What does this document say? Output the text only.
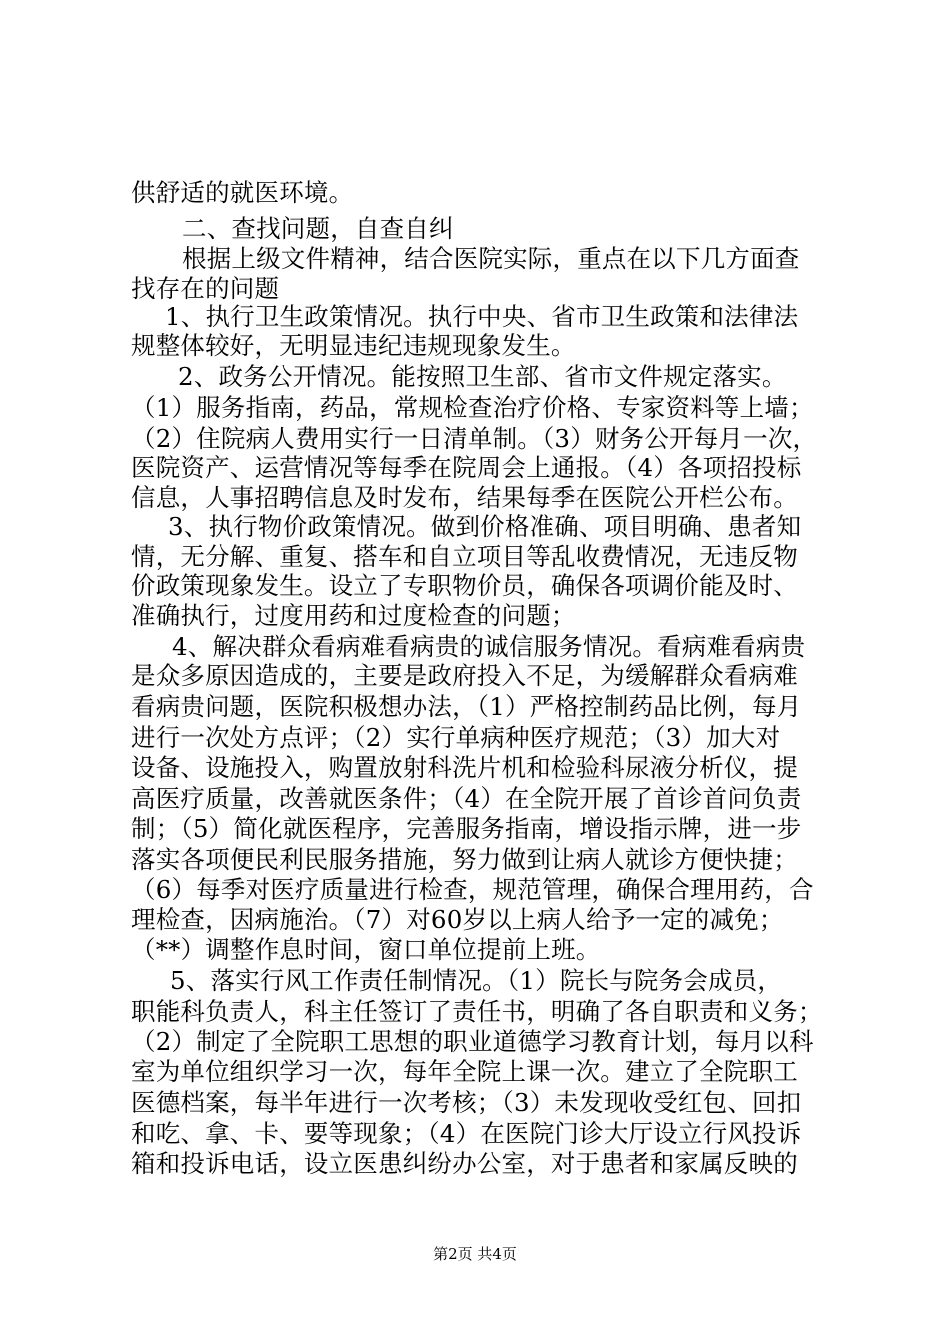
供舒适的就医环境。
二、查找问题，自查自纠
根据上级文件精神，结合医院实际，重点在以下几方面查
找存在的问题
1、执行卫生政策情况。执行中央、省市卫生政策和法律法
规整体较好，无明显违纪违规现象发生。
2、政务公开情况。能按照卫生部、省市文件规定落实。
（1）服务指南，药品，常规检查治疗价格、专家资料等上墙；
（2）住院病人费用实行一日清单制。（3）财务公开每月一次，
医院资产、运营情况等每季在院周会上通报。（4）各项招投标
信息，人事招聘信息及时发布，结果每季在医院公开栏公布。
3、执行物价政策情况。做到价格准确、项目明确、患者知
情，无分解、重复、搭车和自立项目等乱收费情况，无违反物
价政策现象发生。设立了专职物价员，确保各项调价能及时、
准确执行，过度用药和过度检查的问题；
4、解决群众看病难看病贵的诚信服务情况。看病难看病贵
是众多原因造成的，主要是政府投入不足，为缓解群众看病难
看病贵问题，医院积极想办法，（1）严格控制药品比例，每月
进行一次处方点评；（2）实行单病种医疗规范；（3）加大对
设备、设施投入，购置放射科洗片机和检验科尿液分析仪，提
高医疗质量，改善就医条件；（4）在全院开展了首诊首问负责
制；（5）简化就医程序，完善服务指南，增设指示牌，进一步
落实各项便民利民服务措施，努力做到让病人就诊方便快捷；
（6）每季对医疗质量进行检查，规范管理，确保合理用药，合
理检查，因病施治。（7）对60岁以上病人给予一定的减免；
（**）调整作息时间，窗口单位提前上班。
5、落实行风工作责任制情况。（1）院长与院务会成员，
职能科负责人，科主任签订了责任书，明确了各自职责和义务；
（2）制定了全院职工思想的职业道德学习教育计划，每月以科
室为单位组织学习一次，每年全院上课一次。建立了全院职工
医德档案，每半年进行一次考核；（3）未发现收受红包、回扣
和吃、拿、卡、要等现象；（4）在医院门诊大厅设立行风投诉
箱和投诉电话，设立医患纠纷办公室，对于患者和家属反映的
第2页 共4页
